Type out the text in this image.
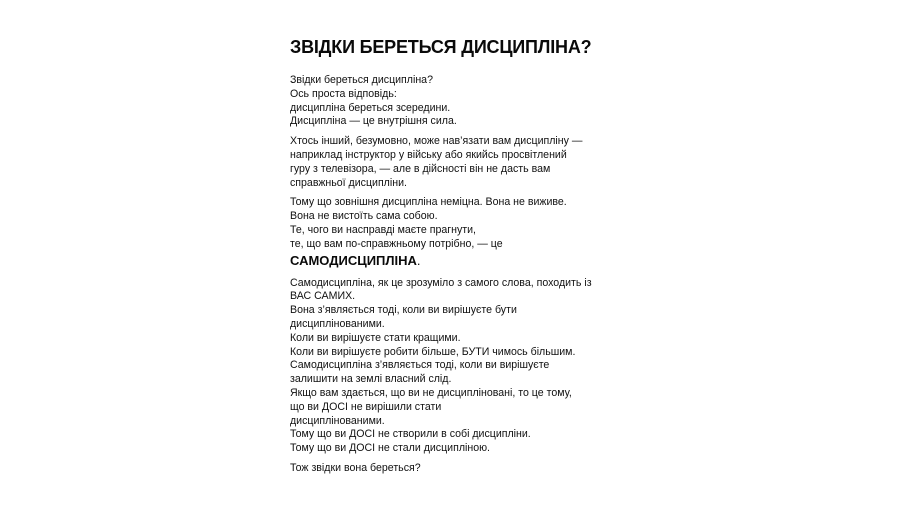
ЗВІДКИ БЕРЕТЬСЯ ДИСЦИПЛІНА?
Звідки береться дисципліна?
Ось проста відповідь:
дисципліна береться зсередини.
Дисципліна — це внутрішня сила.
Хтось інший, безумовно, може нав’язати вам дисципліну —
наприклад інструктор у війську або якийсь просвітлений
гуру з телевізора, — але в дійсності він не дасть вам
справжньої дисципліни.
Тому що зовнішня дисципліна неміцна. Вона не виживе.
Вона не вистоїть сама собою.
Те, чого ви насправді маєте прагнути,
те, що вам по-справжньому потрібно, — це
САМОДИСЦИПЛІНА.
Самодисципліна, як це зрозуміло з самого слова, походить із
ВАС САМИХ.
Вона з’являється тоді, коли ви вирішуєте бути
дисциплінованими.
Коли ви вирішуєте стати кращими.
Коли ви вирішуєте робити більше, БУТИ чимось більшим.
Самодисципліна з’являється тоді, коли ви вирішуєте
залишити на землі власний слід.
Якщо вам здається, що ви не дисципліновані, то це тому,
що ви ДОСІ не вирішили стати
дисциплінованими.
Тому що ви ДОСІ не створили в собі дисципліни.
Тому що ви ДОСІ не стали дисципліною.
Тож звідки вона береться?
